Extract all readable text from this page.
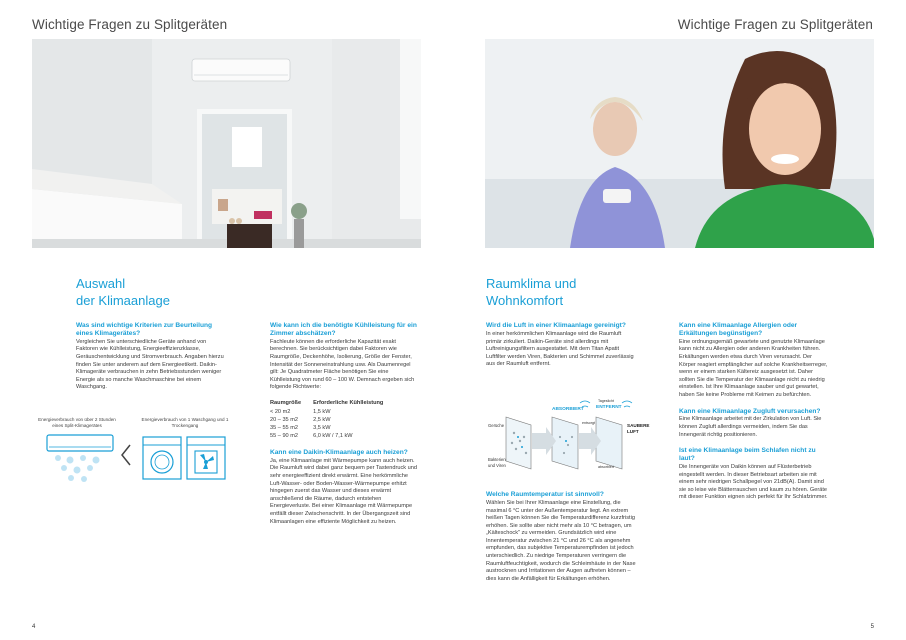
Wichtige Fragen zu Splitgeräten
Auswahl
der Klimaanlage
Was sind wichtige Kriterien zur Beurteilung eines Klimagerätes?
Vergleichen Sie unterschiedliche Geräte anhand von Faktoren wie Kühlleistung, Energieeffizienzklasse, Geräuschentwicklung und Stromverbrauch. Angaben hierzu finden Sie unter anderem auf dem Energieetikett. Daikin-Klimageräte verbrauchen in zehn Betriebsstunden weniger Energie als so manche Waschmaschine bei einem Waschgang.
Energieverbrauch von über 2 Stunden eines Split-Klimagerätes
Energieverbrauch von 1 Waschgang und 1 Trockengang
Wie kann ich die benötigte Kühlleistung für ein Zimmer abschätzen?
Fachleute können die erforderliche Kapazität exakt berechnen. Sie berücksichtigen dabei Faktoren wie Raumgröße, Deckenhöhe, Isolierung, Größe der Fenster, Intensität der Sonneneinstrahlung usw. Als Daumenregel gilt: Je Quadratmeter Fläche benötigen Sie eine Kühlleistung von rund 60 – 100 W. Demnach ergeben sich folgende Richtwerte:
Raumgröße	Erforderliche Kühlleistung
< 20 m2	1,5 kW
20 – 35 m2	2,5 kW
35 – 55 m2	3,5 kW
55 – 90 m2	6,0 kW / 7,1 kW
Kann eine Daikin-Klimaanlage auch heizen?
Ja, eine Klimaanlage mit Wärmepumpe kann auch heizen. Die Raumluft wird dabei ganz bequem per Tastendruck und sehr energieeffizient direkt erwärmt. Eine herkömmliche Luft-Wasser- oder Boden-Wasser-Wärmepumpe erhitzt hingegen zuerst das Wasser und dieses erwärmt anschließend die Räume, dadurch entstehen Energieverluste. Bei einer Klimaanlage mit Wärmepumpe entfällt dieser Zwischenschritt. In der Übergangszeit sind Klimaanlagen eine effiziente Möglichkeit zu heizen.
4
Wichtige Fragen zu Splitgeräten
Raumklima und
Wohnkomfort
Wird die Luft in einer Klimaanlage gereinigt?
In einer herkömmlichen Klimaanlage wird die Raumluft primär zirkuliert. Daikin-Geräte sind allerdings mit Luftreinigungsfiltern ausgestattet. Mit dem Titan Apatit Luftfilter werden Viren, Bakterien und Schimmel zuverlässig aus der Raumluft entfernt.
ABSORBIERT
Tageslicht
ENTFERNT
SAUBERE
LUFT
Gerüche
Bakterien
und Viren
entsorgt
absorbiert
Welche Raumtemperatur ist sinnvoll?
Wählen Sie bei Ihrer Klimaanlage eine Einstellung, die maximal 6 °C unter der Außentemperatur liegt. An extrem heißen Tagen können Sie die Temperaturdifferenz kurzfristig erhöhen. Sie sollte aber nicht mehr als 10 °C betragen, um „Kälteschock" zu vermeiden. Grundsätzlich wird eine Innentemperatur zwischen 21 °C und 26 °C als angenehm empfunden, das subjektive Temperaturempfinden ist jedoch unterschiedlich. Zu niedrige Temperaturen verringern die Raumluftfeuchtigkeit, wodurch die Schleimhäute in der Nase austrocknen und Irritationen der Augen auftreten können – dies kann die Anfälligkeit für Erkältungen erhöhen.
Kann eine Klimaanlage Allergien oder Erkältungen begünstigen?
Eine ordnungsgemäß gewartete und genutzte Klimaanlage kann nicht zu Allergien oder anderen Krankheiten führen. Erkältungen werden etwa durch Viren verursacht. Der Körper reagiert empfänglicher auf solche Krankheitserreger, wenn er einem starken Kältereiz ausgesetzt ist. Daher sollten Sie die Temperatur der Klimaanlage nicht zu niedrig einstellen. Ist Ihre Klimaanlage sauber und gut gewartet, haben Sie keine Probleme mit Keimen zu befürchten.
Kann eine Klimaanlage Zugluft verursachen?
Eine Klimaanlage arbeitet mit der Zirkulation von Luft. Sie können Zugluft allerdings vermeiden, indem Sie das Innengerät richtig positionieren.
Ist eine Klimaanlage beim Schlafen nicht zu laut?
Die Innengeräte von Daikin können auf Flüsterbetrieb eingestellt werden. In dieser Betriebsart arbeiten sie mit einem sehr niedrigen Schallpegel von 21dB(A). Damit sind sie so leise wie Blätterrauschen und kaum zu hören. Geräte mit dieser Funktion eignen sich perfekt für Ihr Schlafzimmer.
5
